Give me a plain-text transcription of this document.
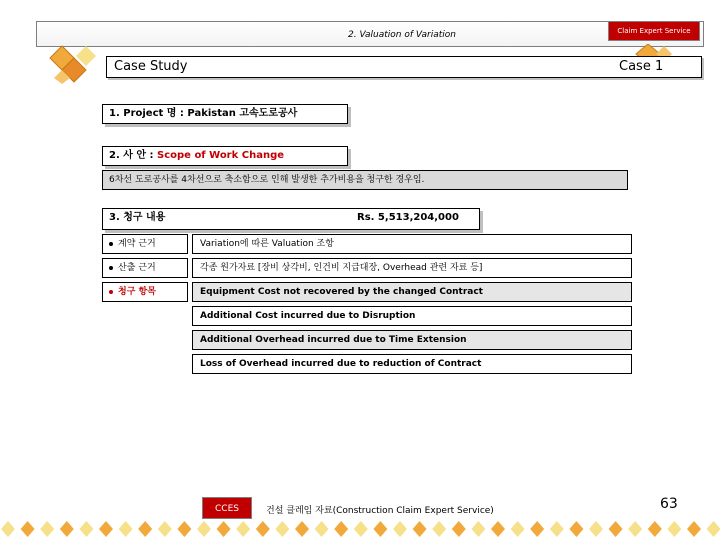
2. Valuation of Variation	Claim Expert Service
Case Study	Case 1
1. Project 명 : Pakistan 고속도로공사
2. 사 안 : Scope of Work Change
6차선 도로공사를 4차선으로 축소함으로 인해 발생한 추가비용을 청구한 경우임.
3. 청구 내용	Rs. 5,513,204,000
계약 근거	Variation에 따른 Valuation 조항
산출 근거	각종 원가자료 [장비 상각비, 인건비 지급대장, Overhead 관련 자료 등]
청구 항목	Equipment Cost not recovered by the changed Contract
Additional Cost incurred due to Disruption
Additional Overhead incurred due to Time Extension
Loss of Overhead incurred due to reduction of Contract
CCES	건설 클레임 자료(Construction Claim Expert Service)	63
